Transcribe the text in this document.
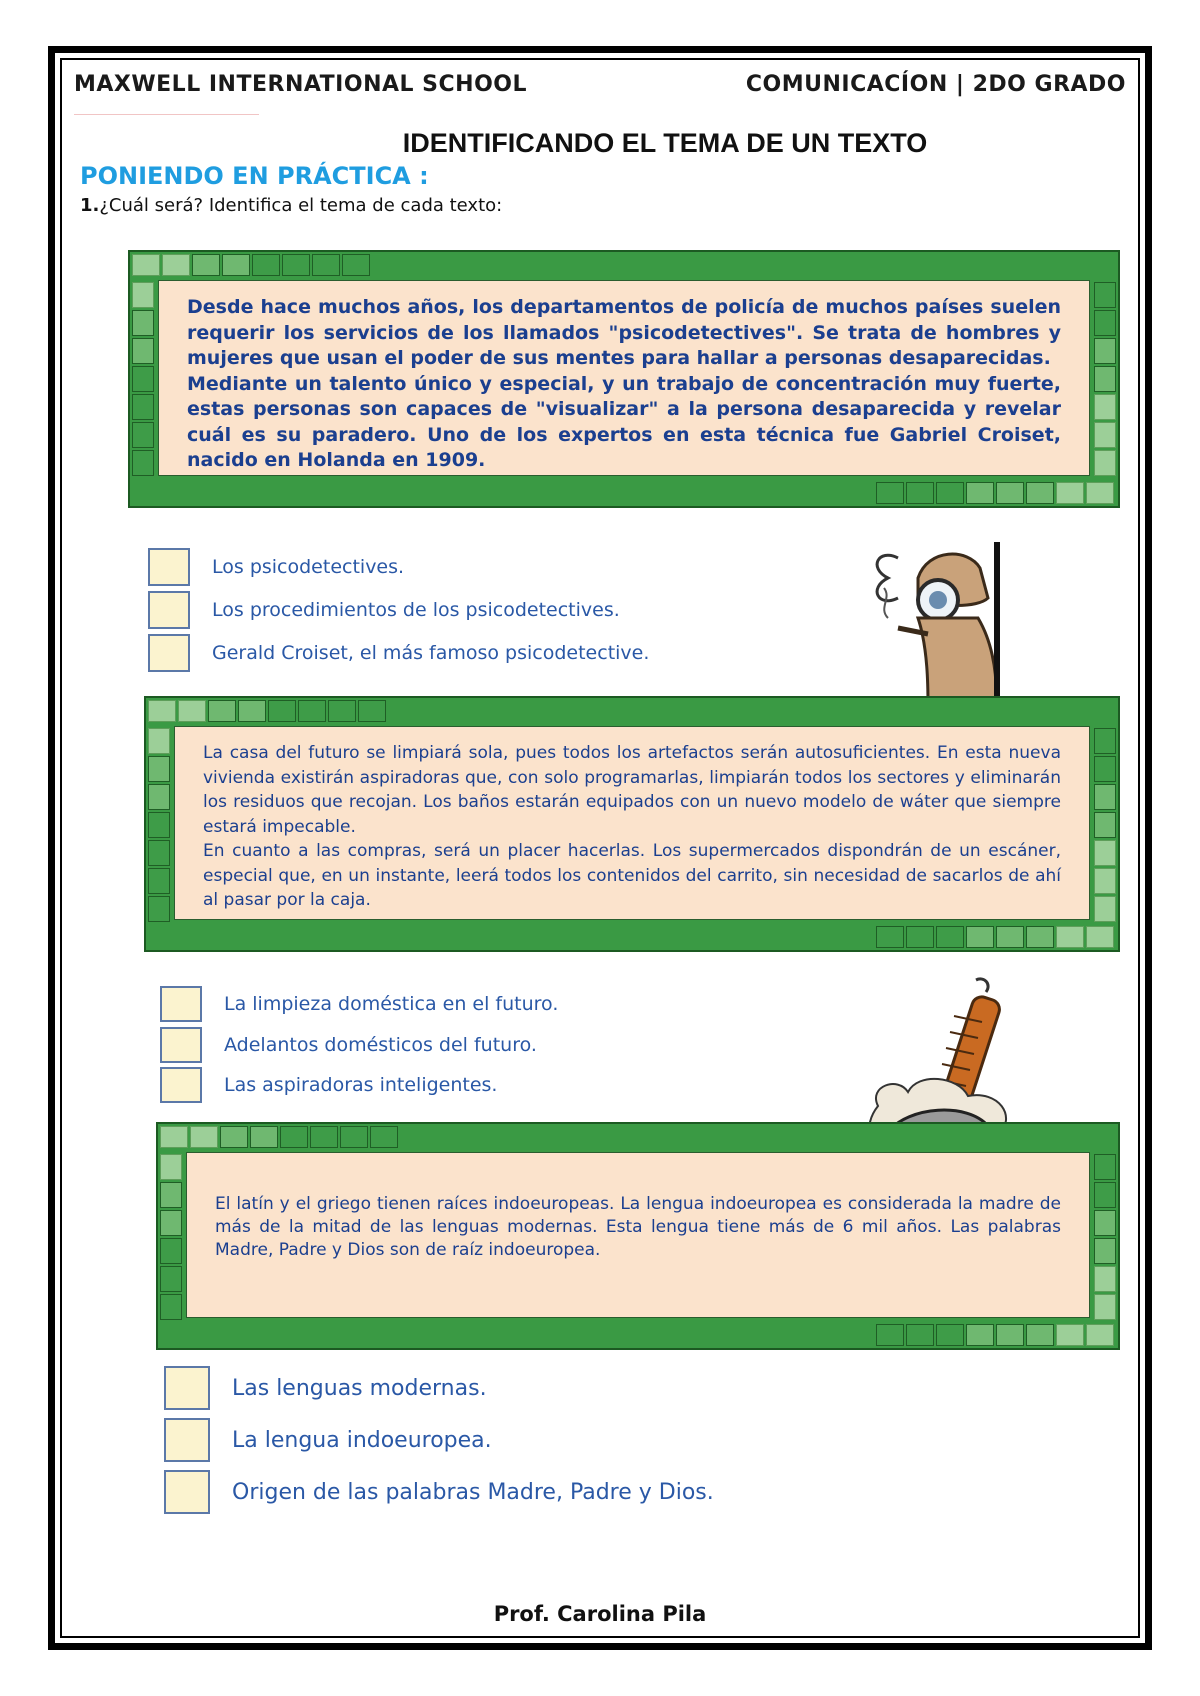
MAXWELL INTERNATIONAL SCHOOL	COMUNICACÍON | 2DO GRADO
IDENTIFICANDO EL TEMA DE UN TEXTO
PONIENDO EN PRÁCTICA :
1.¿Cuál será? Identifica el tema de cada texto:

Desde hace muchos años, los departamentos de policía de muchos países suelen requerir los servicios de los llamados "psicodetectives". Se trata de hombres y mujeres que usan el poder de sus mentes para hallar a personas desaparecidas.

Mediante un talento único y especial, y un trabajo de concentración muy fuerte, estas personas son capaces de "visualizar" a la persona desaparecida y revelar cuál es su paradero. Uno de los expertos en esta técnica fue Gabriel Croiset, nacido en Holanda en 1909.

Los psicodetectives.
Los procedimientos de los psicodetectives.
Gerald Croiset, el más famoso psicodetective.

La casa del futuro se limpiará sola, pues todos los artefactos serán autosuficientes. En esta nueva vivienda existirán aspiradoras que, con solo programarlas, limpiarán todos los sectores y eliminarán los residuos que recojan. Los baños estarán equipados con un nuevo modelo de wáter que siempre estará impecable.

En cuanto a las compras, será un placer hacerlas. Los supermercados dispondrán de un escáner, especial que, en un instante, leerá todos los contenidos del carrito, sin necesidad de sacarlos de ahí al pasar por la caja.

La limpieza doméstica en el futuro.
Adelantos domésticos del futuro.
Las aspiradoras inteligentes.

El latín y el griego tienen raíces indoeuropeas. La lengua indoeuropea es considerada la madre de más de la mitad de las lenguas modernas. Esta lengua tiene más de 6 mil años. Las palabras Madre, Padre y Dios son de raíz indoeuropea.

Las lenguas modernas.
La lengua indoeuropea.
Origen de las palabras Madre, Padre y Dios.
Prof. Carolina Pila
